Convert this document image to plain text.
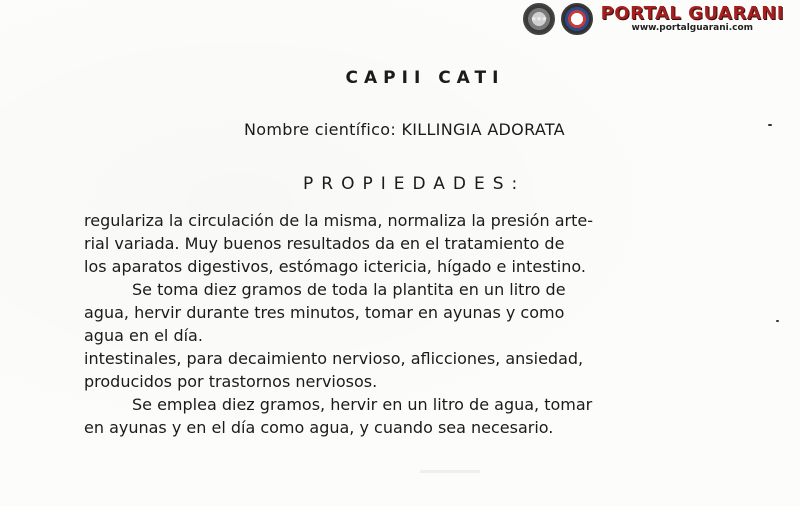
★★★
PORTAL GUARANI
www.portalguarani.com
CAPII CATI
Nombre científico: KILLINGIA ADORATA
PROPIEDADES:
regulariza la circulación de la misma, normaliza la presión arte-
rial variada. Muy buenos resultados da en el tratamiento de
los aparatos digestivos, estómago ictericia, hígado e intestino.
Se toma diez gramos de toda la plantita en un litro de
agua, hervir durante tres minutos, tomar en ayunas y como
agua en el día.
intestinales, para decaimiento nervioso, aflicciones, ansiedad,
producidos por trastornos nerviosos.
Se emplea diez gramos, hervir en un litro de agua, tomar
en ayunas y en el día como agua, y cuando sea necesario.
